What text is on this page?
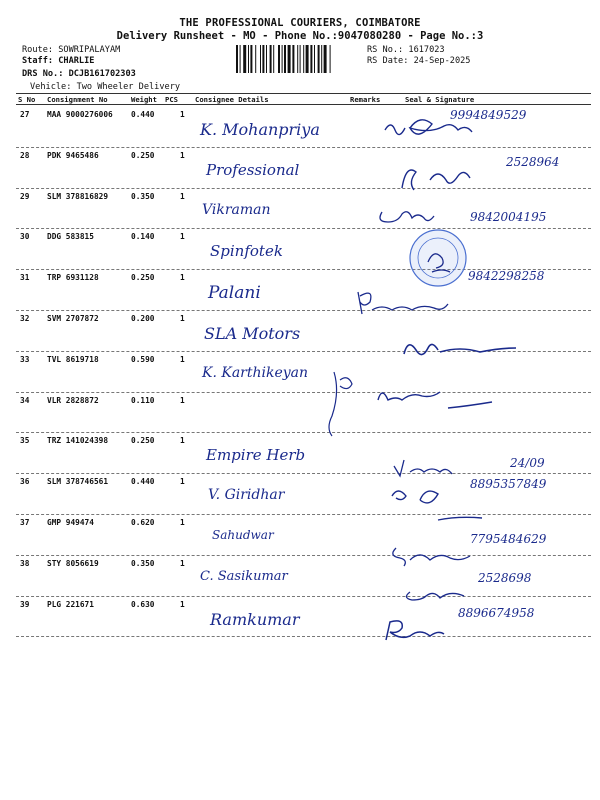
THE PROFESSIONAL COURIERS, COIMBATORE
Delivery Runsheet - MO - Phone No.:9047080280 - Page No.:3
Route: SOWRIPALAYAM
Staff: CHARLIE
DRS No.: DCJB161702303
Vehicle: Two Wheeler Delivery
RS No.: 1617023
RS Date: 24-Sep-2025
S No Consignment No	Weight PCS Consignee Details	Remarks	Seal & Signature
27 MAA 9000276006 0.440	1
K. Mohanpriya
9994849529
28 PDK 9465486	0.250	1
Professional	2528964
29 SLM 378816829	0.350	1
Vikraman	9842004195
30 DDG 583815	0.140	1
Spinfotek
31 TRP 6931128	0.250	1
Palani
9842298258
32 SVM 2707872	0.200	1
SLA Motors
33 TVL 8619718	0.590	1
K. Karthikeyan
34 VLR 2828872	0.110	1
35 TRZ 141024398	0.250	1
Empire Herb	24/09
36 SLM 378746561	0.440	1
V. Giridhar
8895357849
37 GMP 949474	0.620	1
Sahudwar	7795484629
38 STY 8056619	0.350	1
C. Sasikumar	2528698
39 PLG 221671	0.630	1
Ramkumar	8896674958
